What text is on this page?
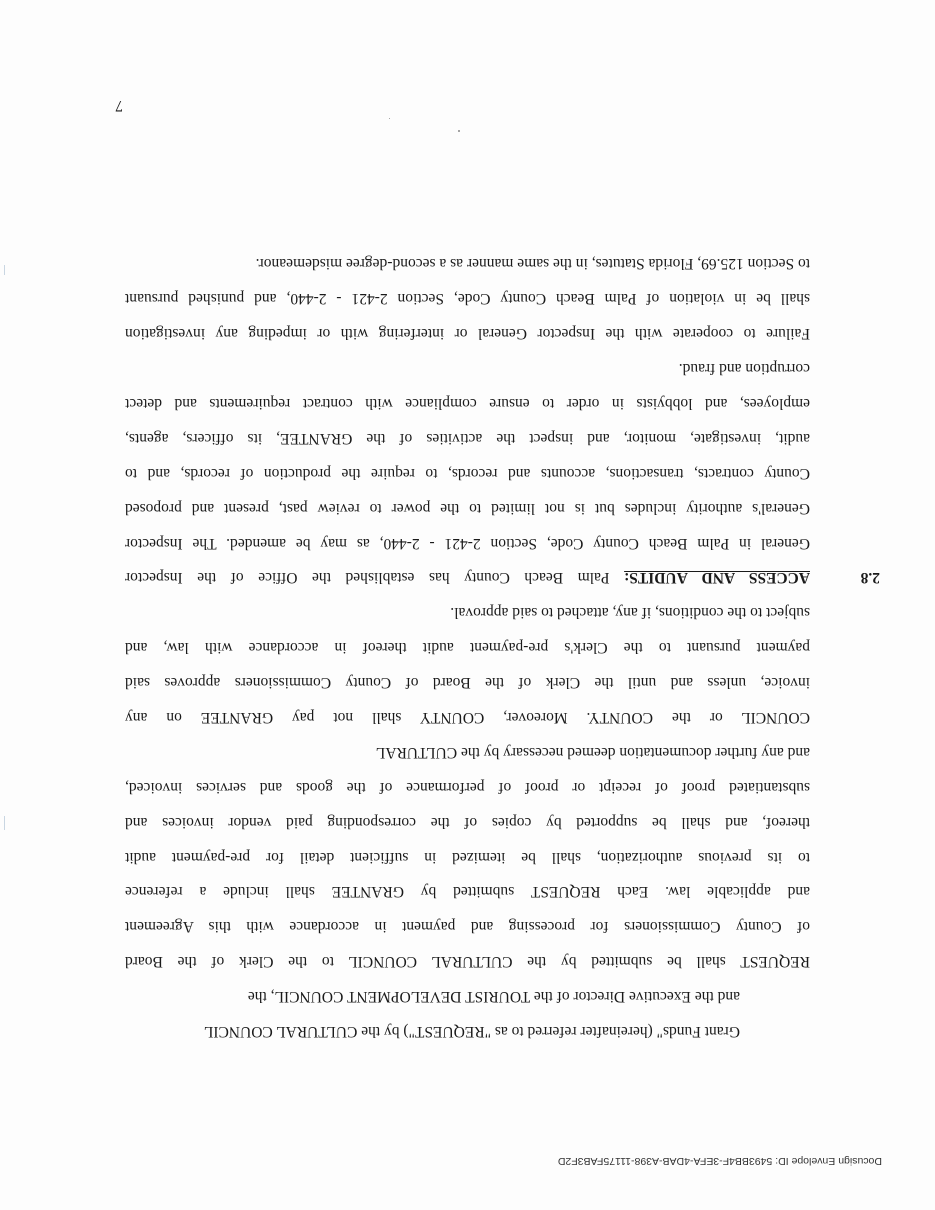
Docusign Envelope ID: 5493BB4F-3EFA-4DAB-A398-11175FAB3F2D
Grant Funds" (hereinafter referred to as "REQUEST") by the CULTURAL COUNCIL
and the Executive Director of the TOURIST DEVELOPMENT COUNCIL, the
REQUEST shall be submitted by the CULTURAL COUNCIL to the Clerk of the Board
of County Commissioners for processing and payment in accordance with this Agreement
and applicable law. Each REQUEST submitted by GRANTEE shall include a reference
to its previous authorization, shall be itemized in sufficient detail for pre-payment audit
thereof, and shall be supported by copies of the corresponding paid vendor invoices and
substantiated proof of receipt or proof of performance of the goods and services invoiced,
and any further documentation deemed necessary by the CULTURAL
COUNCIL or the COUNTY. Moreover, COUNTY shall not pay GRANTEE on any
invoice, unless and until the Clerk of the Board of County Commissioners approves said
payment pursuant to the Clerk's pre-payment audit thereof in accordance with law, and
subject to the conditions, if any, attached to said approval.
2.8
ACCESS AND AUDITS: Palm Beach County has established the Office of the Inspector
General in Palm Beach County Code, Section 2-421 - 2-440, as may be amended. The Inspector
General's authority includes but is not limited to the power to review past, present and proposed
County contracts, transactions, accounts and records, to require the production of records, and to
audit, investigate, monitor, and inspect the activities of the GRANTEE, its officers, agents,
employees, and lobbyists in order to ensure compliance with contract requirements and detect
corruption and fraud.
Failure to cooperate with the Inspector General or interfering with or impeding any investigation
shall be in violation of Palm Beach County Code, Section 2-421 - 2-440, and punished pursuant
to Section 125.69, Florida Statutes, in the same manner as a second-degree misdemeanor.
7
